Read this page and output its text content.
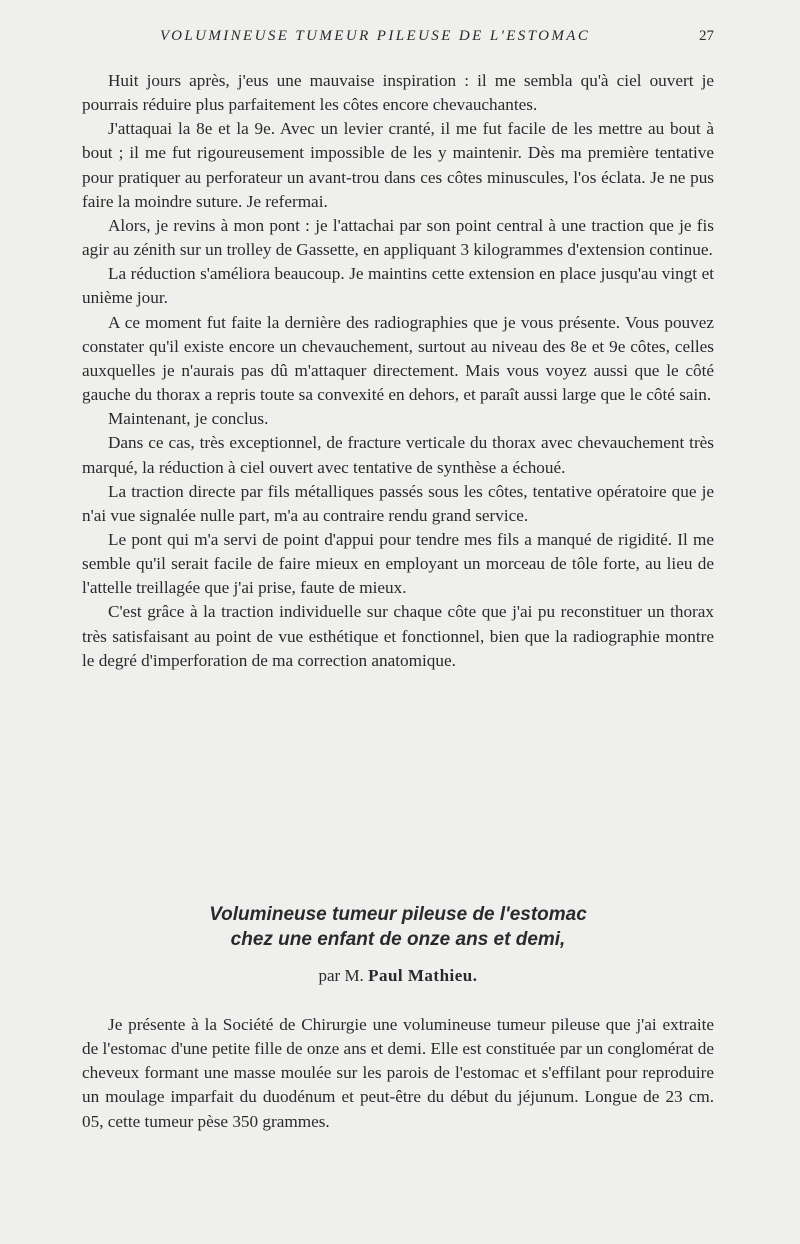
VOLUMINEUSE TUMEUR PILEUSE DE L'ESTOMAC	27

Huit jours après, j'eus une mauvaise inspiration : il me sembla qu'à ciel ouvert je pourrais réduire plus parfaitement les côtes encore chevauchantes.

J'attaquai la 8e et la 9e. Avec un levier cranté, il me fut facile de les mettre au bout à bout ; il me fut rigoureusement impossible de les y maintenir. Dès ma première tentative pour pratiquer au perforateur un avant-trou dans ces côtes minuscules, l'os éclata. Je ne pus faire la moindre suture. Je refermai.

Alors, je revins à mon pont : je l'attachai par son point central à une traction que je fis agir au zénith sur un trolley de Gassette, en appliquant 3 kilogrammes d'extension continue.

La réduction s'améliora beaucoup. Je maintins cette extension en place jusqu'au vingt et unième jour.

A ce moment fut faite la dernière des radiographies que je vous présente. Vous pouvez constater qu'il existe encore un chevauchement, surtout au niveau des 8e et 9e côtes, celles auxquelles je n'aurais pas dû m'attaquer directement. Mais vous voyez aussi que le côté gauche du thorax a repris toute sa convexité en dehors, et paraît aussi large que le côté sain.

Maintenant, je conclus.

Dans ce cas, très exceptionnel, de fracture verticale du thorax avec chevauchement très marqué, la réduction à ciel ouvert avec tentative de synthèse a échoué.

La traction directe par fils métalliques passés sous les côtes, tentative opératoire que je n'ai vue signalée nulle part, m'a au contraire rendu grand service.

Le pont qui m'a servi de point d'appui pour tendre mes fils a manqué de rigidité. Il me semble qu'il serait facile de faire mieux en employant un morceau de tôle forte, au lieu de l'attelle treillagée que j'ai prise, faute de mieux.

C'est grâce à la traction individuelle sur chaque côte que j'ai pu reconstituer un thorax très satisfaisant au point de vue esthétique et fonctionnel, bien que la radiographie montre le degré d'imperforation de ma correction anatomique.

Volumineuse tumeur pileuse de l'estomac
chez une enfant de onze ans et demi,
par M. Paul Mathieu.

Je présente à la Société de Chirurgie une volumineuse tumeur pileuse que j'ai extraite de l'estomac d'une petite fille de onze ans et demi. Elle est constituée par un conglomérat de cheveux formant une masse moulée sur les parois de l'estomac et s'effilant pour reproduire un moulage imparfait du duodénum et peut-être du début du jéjunum. Longue de 23 cm. 05, cette tumeur pèse 350 grammes.
